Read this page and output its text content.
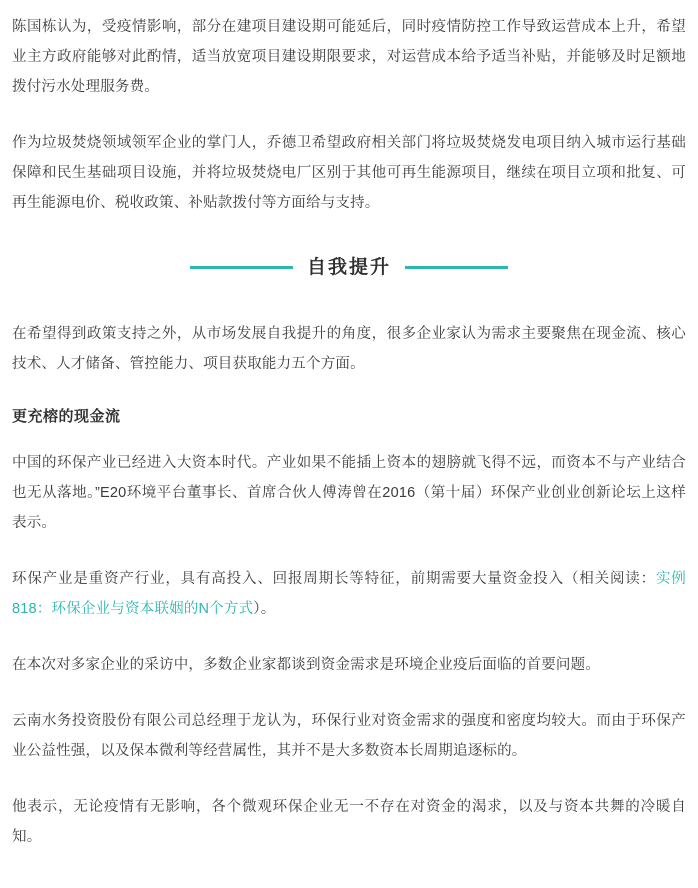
陈国栋认为，受疫情影响，部分在建项目建设期可能延后，同时疫情防控工作导致运营成本上升，希望业主方政府能够对此酌情，适当放宽项目建设期限要求，对运营成本给予适当补贴，并能够及时足额地拨付污水处理服务费。

作为垃圾焚烧领域领军企业的掌门人，乔德卫希望政府相关部门将垃圾焚烧发电项目纳入城市运行基础保障和民生基础项目设施，并将垃圾焚烧电厂区别于其他可再生能源项目，继续在项目立项和批复、可再生能源电价、税收政策、补贴款拨付等方面给与支持。

自我提升

在希望得到政策支持之外，从市场发展自我提升的角度，很多企业家认为需求主要聚焦在现金流、核心技术、人才储备、管控能力、项目获取能力五个方面。

更充榕的现金流

中国的环保产业已经进入大资本时代。产业如果不能插上资本的翅膀就飞得不远，而资本不与产业结合也无从落地。”E20环境平台董事长、首席合伙人傅涛曾在2016（第十届）环保产业创业创新论坛上这样表示。

环保产业是重资产行业，具有高投入、回报周期长等特征，前期需要大量资金投入（相关阅读：实例818：环保企业与资本联姻的N个方式）。

在本次对多家企业的采访中，多数企业家都谈到资金需求是环境企业疫后面临的首要问题。

云南水务投资股份有限公司总经理于龙认为，环保行业对资金需求的强度和密度均较大。而由于环保产业公益性强，以及保本微利等经营属性，其并不是大多数资本长周期追逐标的。

他表示，无论疫情有无影响，各个微观环保企业无一不存在对资金的渴求，以及与资本共舞的冷暖自知。
